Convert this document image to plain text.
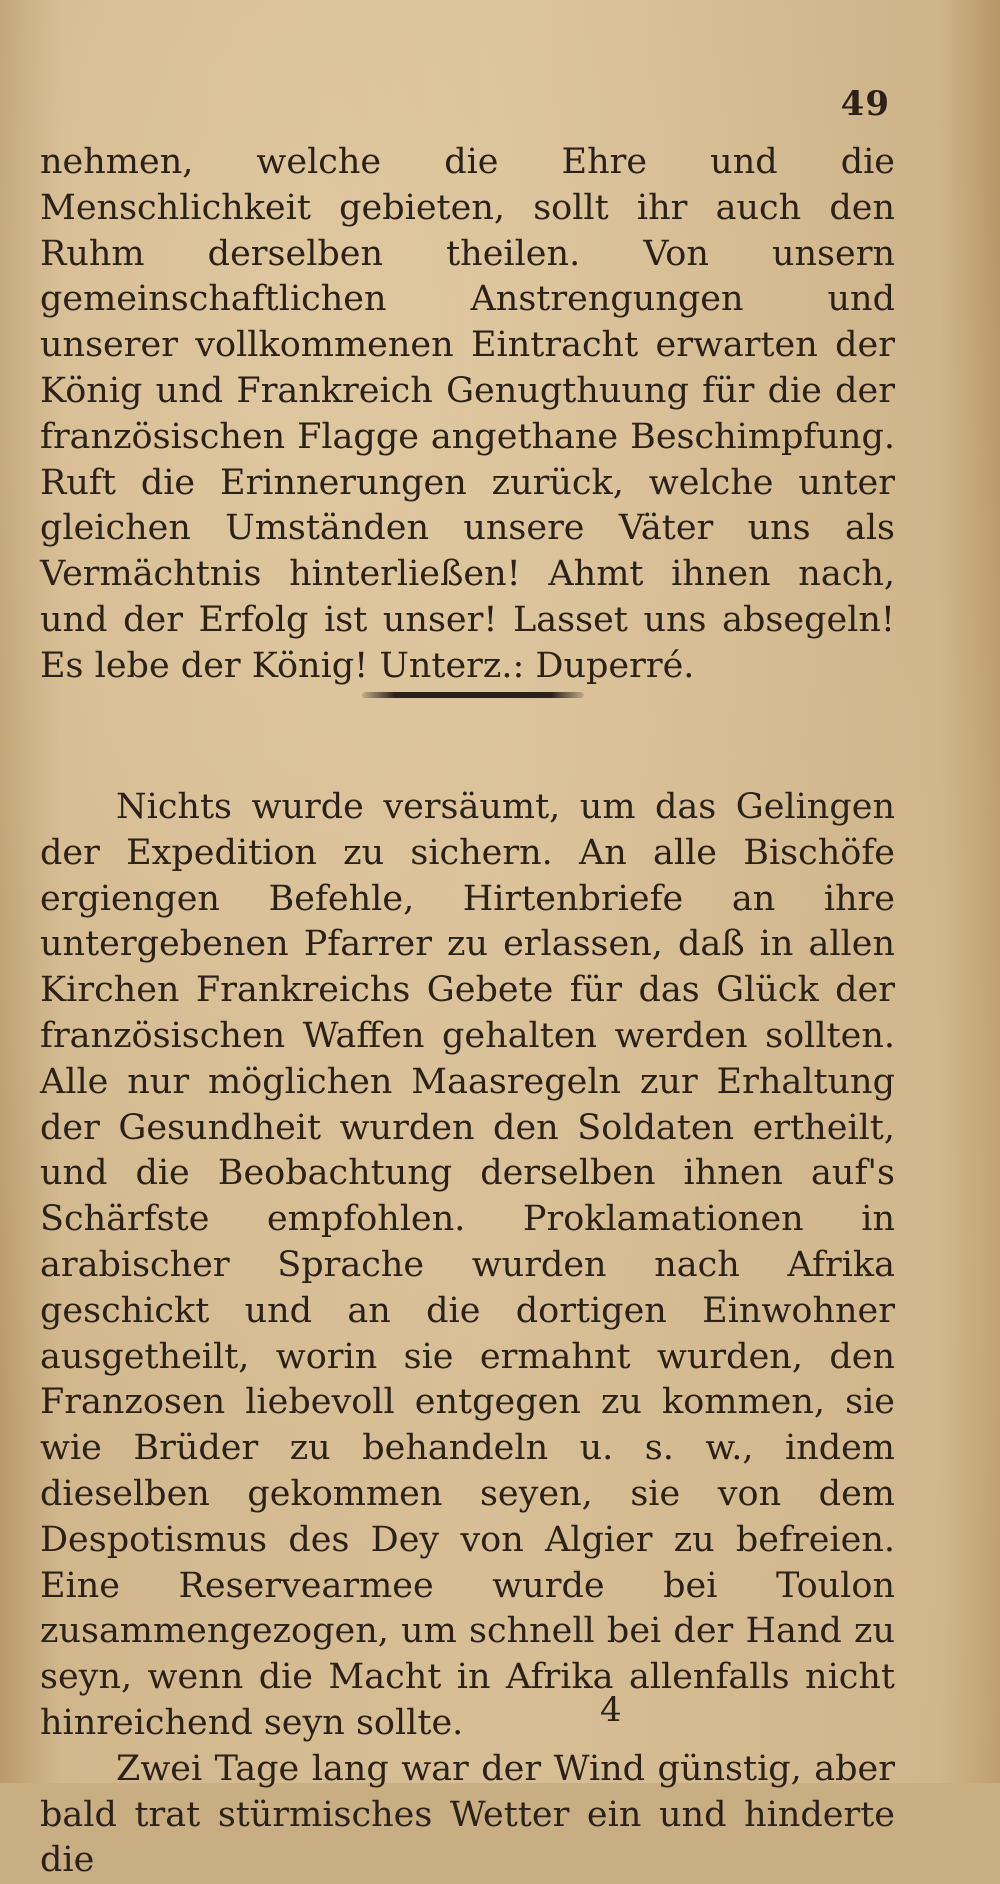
49

nehmen, welche die Ehre und die Menschlichkeit gebieten, sollt ihr auch den Ruhm derselben theilen. Von unsern gemeinschaftlichen Anstrengungen und unserer vollkommenen Eintracht erwarten der König und Frankreich Genugthuung für die der französischen Flagge angethane Beschimpfung. Ruft die Erinnerungen zurück, welche unter gleichen Umständen unsere Väter uns als Vermächtnis hinterließen! Ahmt ihnen nach, und der Erfolg ist unser! Lasset uns absegeln! Es lebe der König! Unterz.: Duperré.

Nichts wurde versäumt, um das Gelingen der Expedition zu sichern. An alle Bischöfe ergiengen Befehle, Hirtenbriefe an ihre untergebenen Pfarrer zu erlassen, daß in allen Kirchen Frankreichs Gebete für das Glück der französischen Waffen gehalten werden sollten. Alle nur möglichen Maasregeln zur Erhaltung der Gesundheit wurden den Soldaten ertheilt, und die Beobachtung derselben ihnen auf's Schärfste empfohlen. Proklamationen in arabischer Sprache wurden nach Afrika geschickt und an die dortigen Einwohner ausgetheilt, worin sie ermahnt wurden, den Franzosen liebevoll entgegen zu kommen, sie wie Brüder zu behandeln u. s. w., indem dieselben gekommen seyen, sie von dem Despotismus des Dey von Algier zu befreien. Eine Reservearmee wurde bei Toulon zusammengezogen, um schnell bei der Hand zu seyn, wenn die Macht in Afrika allenfalls nicht hinreichend seyn sollte.

Zwei Tage lang war der Wind günstig, aber bald trat stürmisches Wetter ein und hinderte die

4
